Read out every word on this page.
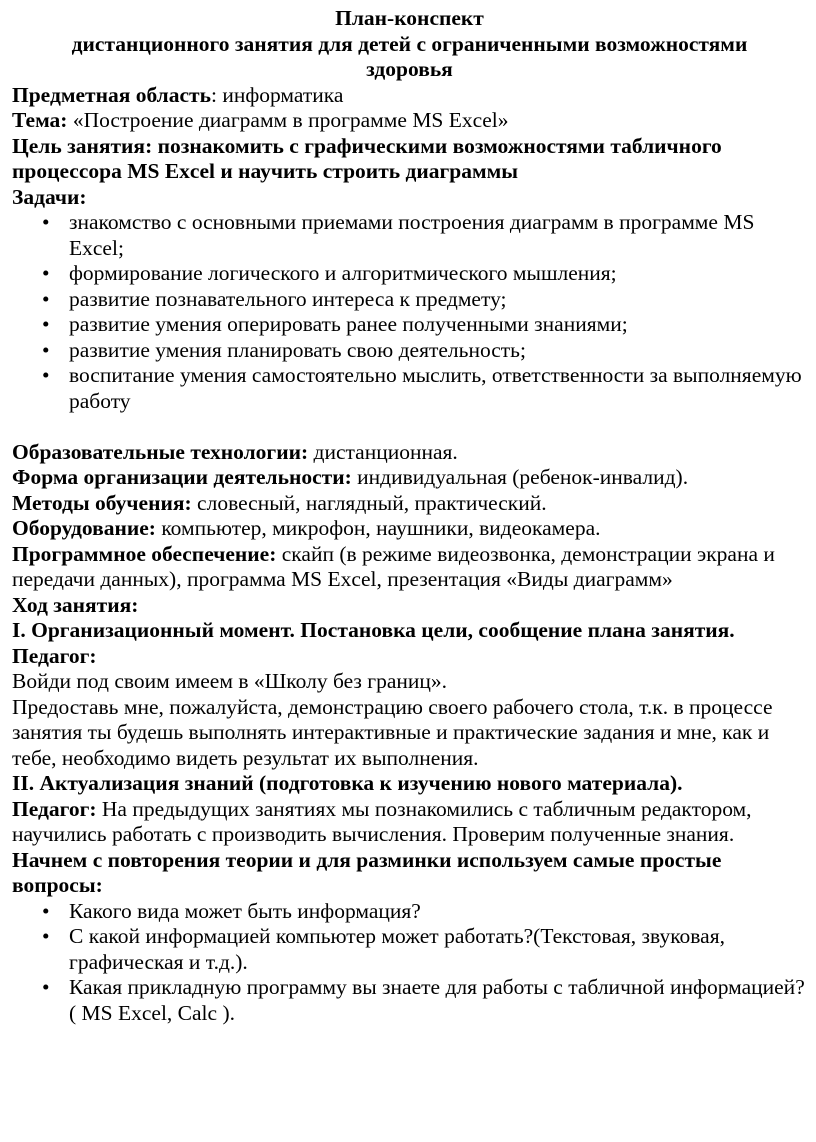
План-конспект

дистанционного занятия для детей с ограниченными возможностями

здоровья

Предметная область: информатика

Тема: «Построение диаграмм в программе MS Excel»

Цель занятия: познакомить с графическими возможностями табличного процессора MS Excel и научить строить диаграммы

Задачи:

• знакомство с основными приемами построения диаграмм в программе MS Excel;
• формирование логического и алгоритмического мышления;
• развитие познавательного интереса к предмету;
• развитие умения оперировать ранее полученными знаниями;
• развитие умения планировать свою деятельность;
• воспитание умения самостоятельно мыслить, ответственности за выполняемую работу

Образовательные технологии: дистанционная.

Форма организации деятельности: индивидуальная (ребенок-инвалид).

Методы обучения: словесный, наглядный, практический.

Оборудование: компьютер, микрофон, наушники, видеокамера.

Программное обеспечение: скайп (в режиме видеозвонка, демонстрации экрана и передачи данных), программа MS Excel, презентация «Виды диаграмм»

Ход занятия:

I. Организационный момент. Постановка цели, сообщение плана занятия.

Педагог:

Войди под своим имеем в «Школу без границ».

Предоставь мне, пожалуйста, демонстрацию своего рабочего стола, т.к. в процессе занятия ты будешь выполнять интерактивные и практические задания и мне, как и тебе, необходимо видеть результат их выполнения.

II. Актуализация знаний (подготовка к изучению нового материала).

Педагог: На предыдущих занятиях мы познакомились с табличным редактором, научились работать с производить вычисления. Проверим полученные знания.

Начнем с повторения теории и для разминки используем самые простые вопросы:

• Какого вида может быть информация?
• С какой информацией компьютер может работать?(Текстовая, звуковая, графическая и т.д.).
• Какая прикладную программу вы знаете для работы с табличной информацией? ( MS Excel, Calc ).
